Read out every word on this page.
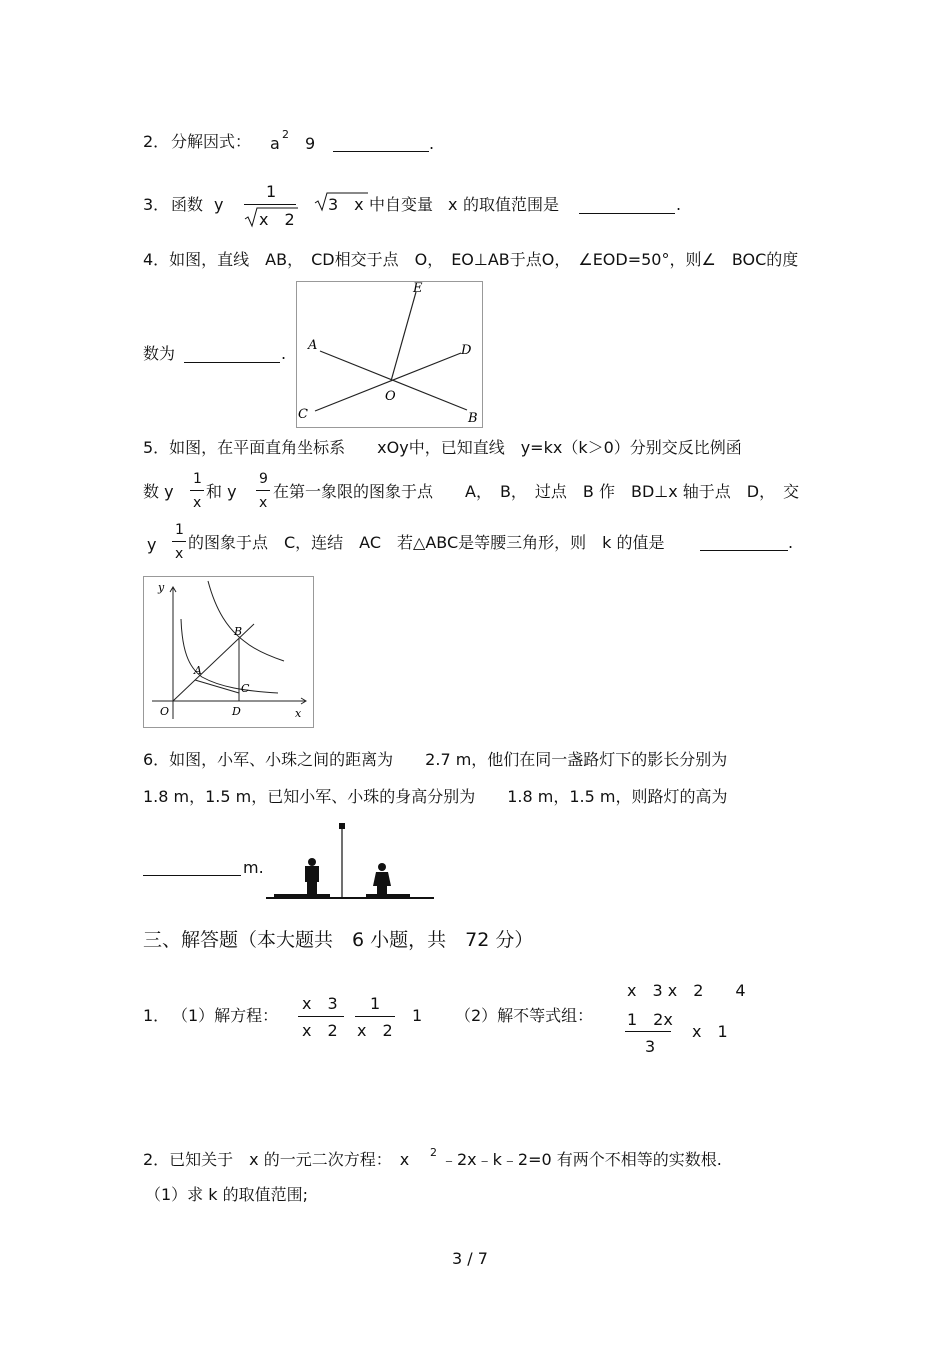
2． 分解因式： a 2 9	.
3． 函数 y
1
x　2
3　x 中自变量 x 的取值范围是	.
4．如图，直线　AB，　CD相交于点　O，　EO⊥AB于点O，　∠EOD=50°，则∠　BOC的度
数为	.
E
A	D
C
O
B
5．如图，在平面直角坐标系　　xOy中，已知直线　y=kx（k＞0）分别交反比例函
数 y
1
x
和 y
9
x
在第一象限的图象于点　　A，　B，　过点　B 作　BD⊥x 轴于点　D，　交
y
1
x
的图象于点　C，连结　AC　若△ABC是等腰三角形，则　k 的值是	.
y
x
O
A
B
C
D
6．如图，小军、小珠之间的距离为　　2.7 m，他们在同一盏路灯下的影长分别为
1.8 m，1.5 m，已知小军、小珠的身高分别为　　1.8 m，1.5 m，则路灯的高为
m.
三、解答题（本大题共　6 小题，共　72 分）
1． （1）解方程：
x　3
x　2
1
x　2
1 （2）解不等式组：
x　3 x　2　　4
1　2x
3
x　1
2．已知关于　x 的一元二次方程：　x 2 ﹣2x﹣k﹣2=0 有两个不相等的实数根.
（1）求 k 的取值范围;
3 / 7
